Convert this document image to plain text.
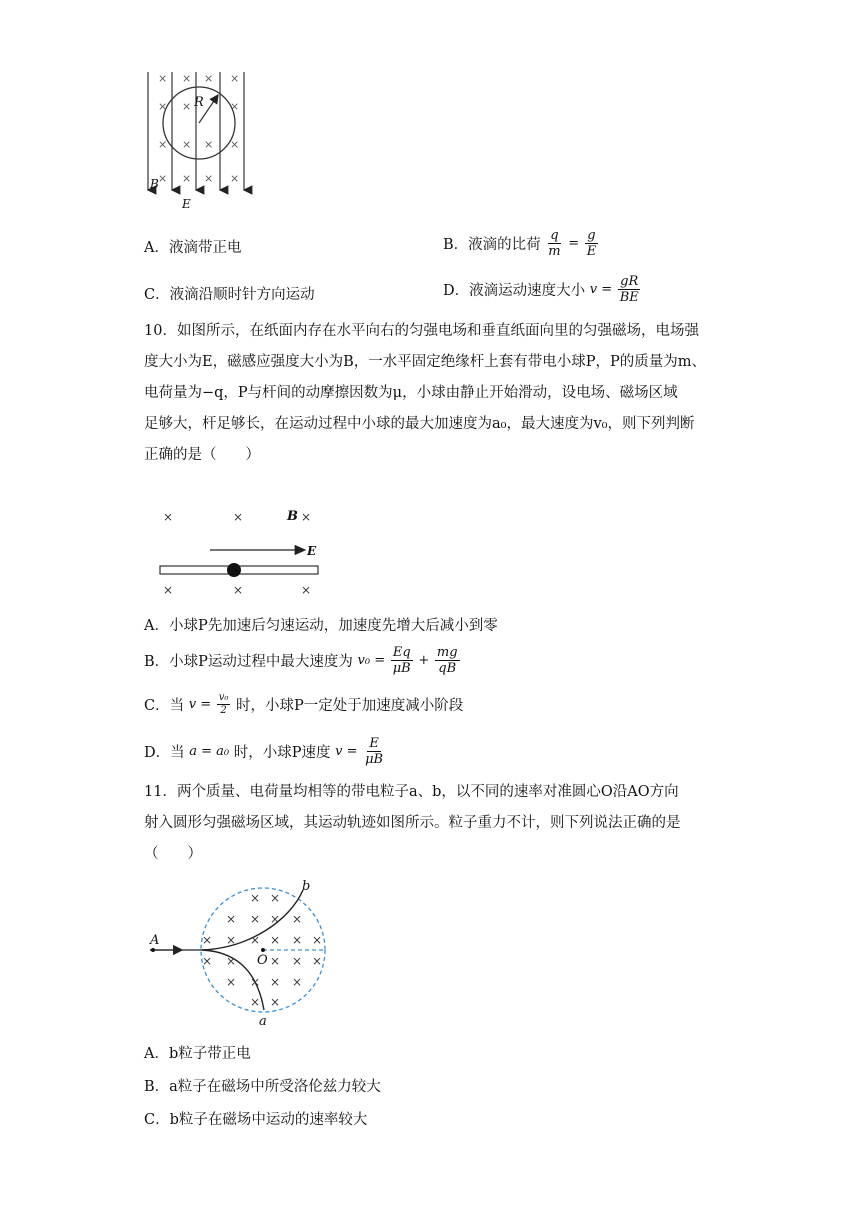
× × × ×
× ×	×
× × × ×
× × × ×
R
B
E
A．液滴带正电	B．液滴的比荷 $\frac{q}{m} = \frac{g}{E}$
C．液滴沿顺时针方向运动	D．液滴运动速度大小 $v = \frac{gR}{BE}$
10．如图所示，在纸面内存在水平向右的匀强电场和垂直纸面向里的匀强磁场，电场强
度大小为E，磁感应强度大小为B，一水平固定绝缘杆上套有带电小球P，P的质量为m、
电荷量为−q，P与杆间的动摩擦因数为μ，小球由静止开始滑动，设电场、磁场区域
足够大，杆足够长，在运动过程中小球的最大加速度为a₀，最大速度为v₀，则下列判断
正确的是（　　）
×	×	×
×	×	×
B
E
A．小球P先加速后匀速运动，加速度先增大后减小到零
B．小球P运动过程中最大速度为 $v_0 = \frac{Eq}{\mu B} + \frac{mg}{qB}$
C．当 $v = \frac{\text{v₀}}{2}$ 时，小球P一定处于加速度减小阶段
D．当 a = a₀ 时，小球P速度 $v = \frac{E}{\mu B}$
11．两个质量、电荷量均相等的带电粒子a、b，以不同的速率对准圆心O沿AO方向
射入圆形匀强磁场区域，其运动轨迹如图所示。粒子重力不计，则下列说法正确的是
（　　）
× ×
× × × ×
× × × × × ×
× ×	× × ×
× × × ×
× ×
A
O
b
a
A．b粒子带正电
B．a粒子在磁场中所受洛伦兹力较大
C．b粒子在磁场中运动的速率较大
